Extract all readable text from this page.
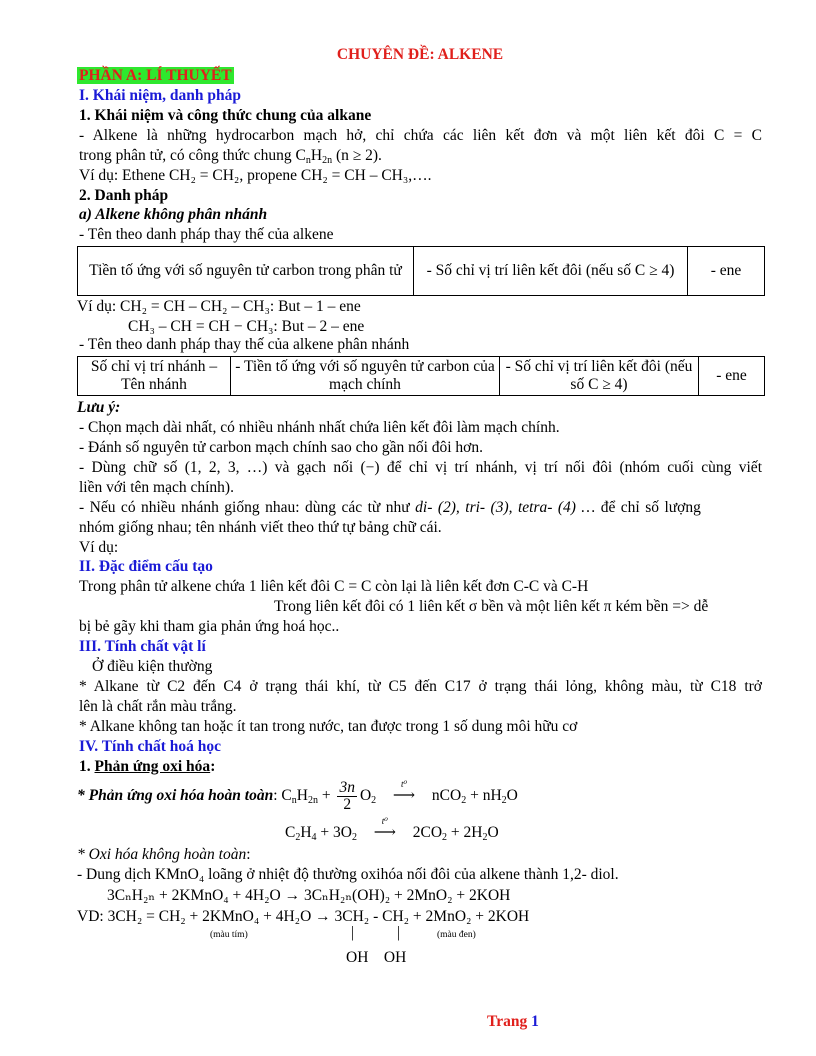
CHUYÊN ĐỀ: ALKENE
PHẦN A: LÍ THUYẾT
I. Khái niệm, danh pháp
1. Khái niệm và công thức chung của alkane
- Alkene là những hydrocarbon mạch hở, chỉ chứa các liên kết đơn và một liên kết đôi C = C
trong phân tử, có công thức chung $C_nH_{2n}$ (n ≥ 2).
Ví dụ: Ethene CH₂ = CH₂, propene CH₂ = CH – CH₃,….
2. Danh pháp
a) Alkene không phân nhánh
- Tên theo danh pháp thay thế của alkene
Tiền tố ứng với số nguyên tử carbon trong phân tử	- Số chỉ vị trí liên kết đôi (nếu số C ≥ 4)	- ene
Ví dụ: CH₂ = CH – CH₂ – CH₃: But – 1 – ene
CH₃ – CH = CH − CH₃: But – 2 – ene
- Tên theo danh pháp thay thế của alkene phân nhánh
Số chỉ vị trí nhánh – Tên nhánh	- Tiền tố ứng với số nguyên tử carbon của mạch chính	- Số chỉ vị trí liên kết đôi (nếu số C ≥ 4)	- ene
Lưu ý:
- Chọn mạch dài nhất, có nhiều nhánh nhất chứa liên kết đôi làm mạch chính.
- Đánh số nguyên tử carbon mạch chính sao cho gần nối đôi hơn.
- Dùng chữ số (1, 2, 3, …) và gạch nối (−) để chỉ vị trí nhánh, vị trí nối đôi (nhóm cuối cùng viết
liền với tên mạch chính).
- Nếu có nhiều nhánh giống nhau: dùng các từ như di- (2), tri- (3), tetra- (4) … để chỉ số lượng
nhóm giống nhau; tên nhánh viết theo thứ tự bảng chữ cái.
Ví dụ:
II. Đặc điểm cấu tạo
Trong phân tử alkene chứa 1 liên kết đôi C = C còn lại là liên kết đơn C-C và C-H
Trong liên kết đôi có 1 liên kết σ bền và một liên kết π kém bền => dễ
bị bẻ gãy khi tham gia phản ứng hoá học..
III. Tính chất vật lí
Ở điều kiện thường
* Alkane từ C2 đến C4 ở trạng thái khí, từ C5 đến C17 ở trạng thái lỏng, không màu, từ C18 trở
lên là chất rắn màu trắng.
* Alkane không tan hoặc ít tan trong nước, tan được trong 1 số dung môi hữu cơ
IV. Tính chất hoá học
1. Phản ứng oxi hóa:
* Phản ứng oxi hóa hoàn toàn: $C_nH_{2n} + \frac{3n}{2} O_2$
t⁰
⟶ $nCO_2 + nH_2O$
$C_2H_4 + 3O_2$
t⁰
⟶ $2CO_2 + 2H_2O$
* Oxi hóa không hoàn toàn:
- Dung dịch KMnO₄ loãng ở nhiệt độ thường oxihóa nối đôi của alkene thành 1,2- diol.
3CₙH₂ₙ + 2KMnO₄ + 4H₂O → 3CₙH₂ₙ(OH)₂ + 2MnO₂ + 2KOH
VD: 3CH₂ = CH₂ + 2KMnO₄ + 4H₂O → 3CH₂ - CH₂ + 2MnO₂ + 2KOH
(màu tím)	|	|	(màu đen)
OH    OH
Trang 1
